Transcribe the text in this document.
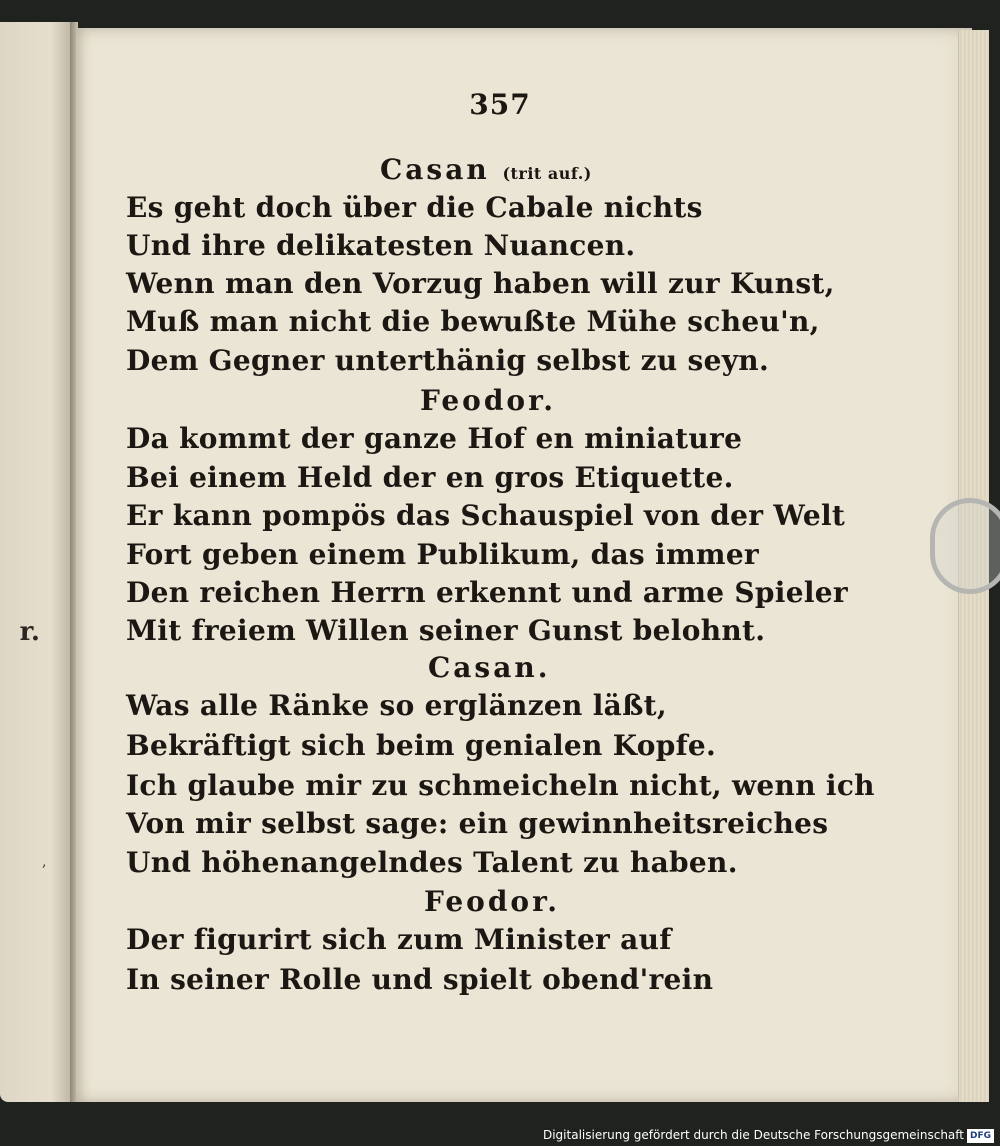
r.
,
357
Casan (trit auf.)
Es geht doch über die Cabale nichts
Und ihre delikatesten Nuancen.
Wenn man den Vorzug haben will zur Kunst,
Muß man nicht die bewußte Mühe scheu'n,
Dem Gegner unterthänig selbst zu seyn.
Feodor.
Da kommt der ganze Hof en miniature
Bei einem Held der en gros Etiquette.
Er kann pompös das Schauspiel von der Welt
Fort geben einem Publikum, das immer
Den reichen Herrn erkennt und arme Spieler
Mit freiem Willen seiner Gunst belohnt.
Casan.
Was alle Ränke so erglänzen läßt,
Bekräftigt sich beim genialen Kopfe.
Ich glaube mir zu schmeicheln nicht, wenn ich
Von mir selbst sage: ein gewinnheitsreiches
Und höhenangelndes Talent zu haben.
Feodor.
Der figurirt sich zum Minister auf
In seiner Rolle und spielt obend'rein
Digitalisierung gefördert durch die Deutsche Forschungsgemeinschaft DFG
